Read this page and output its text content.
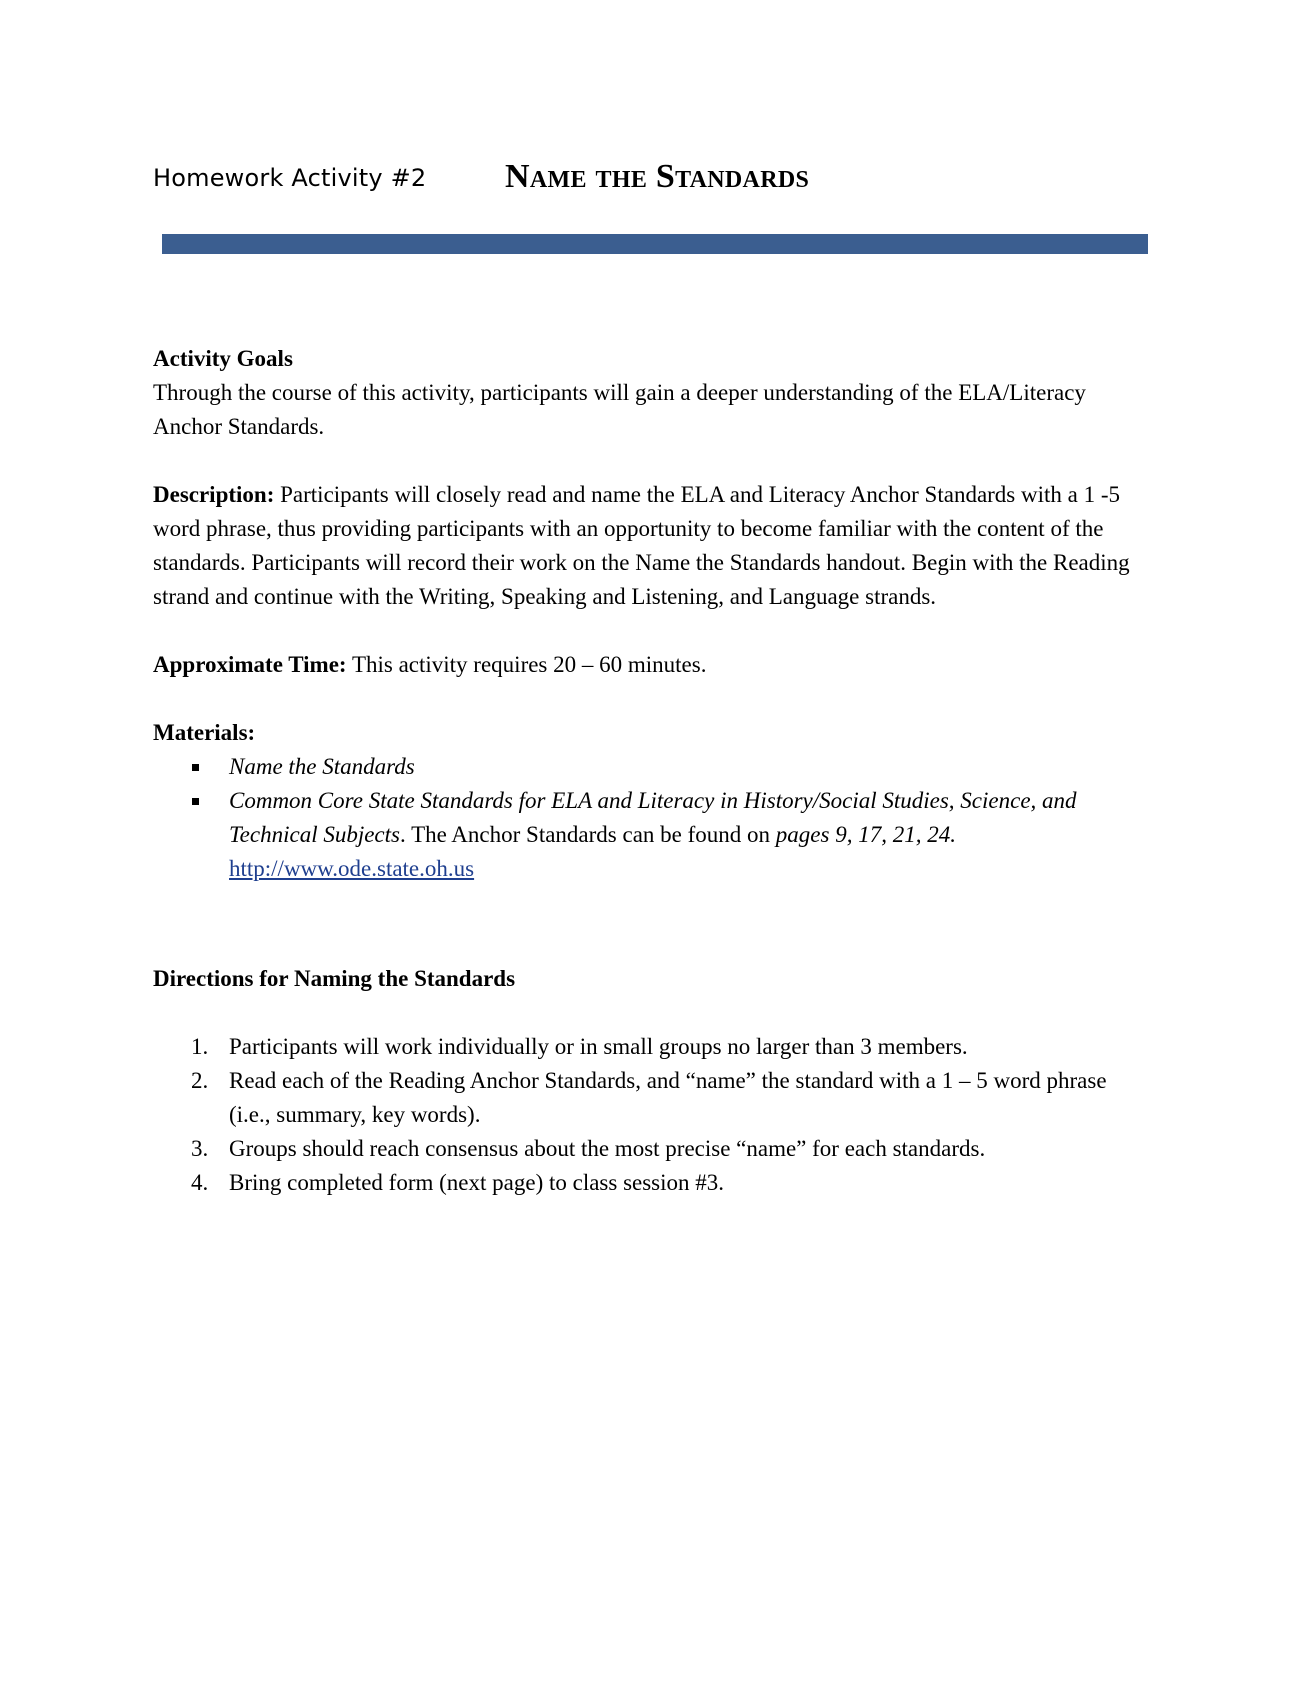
Homework Activity #2 Name the Standards

Activity Goals

Through the course of this activity, participants will gain a deeper understanding of the ELA/Literacy Anchor Standards.

Description: Participants will closely read and name the ELA and Literacy Anchor Standards with a 1 -5 word phrase, thus providing participants with an opportunity to become familiar with the content of the standards. Participants will record their work on the Name the Standards handout. Begin with the Reading strand and continue with the Writing, Speaking and Listening, and Language strands.

Approximate Time: This activity requires 20 – 60 minutes.

Materials:

Name the Standards
Common Core State Standards for ELA and Literacy in History/Social Studies, Science, and Technical Subjects. The Anchor Standards can be found on pages 9, 17, 21, 24.
http://www.ode.state.oh.us

Directions for Naming the Standards

1. Participants will work individually or in small groups no larger than 3 members.
2. Read each of the Reading Anchor Standards, and “name” the standard with a 1 – 5 word phrase (i.e., summary, key words).
3. Groups should reach consensus about the most precise “name” for each standards.
4. Bring completed form (next page) to class session #3.
